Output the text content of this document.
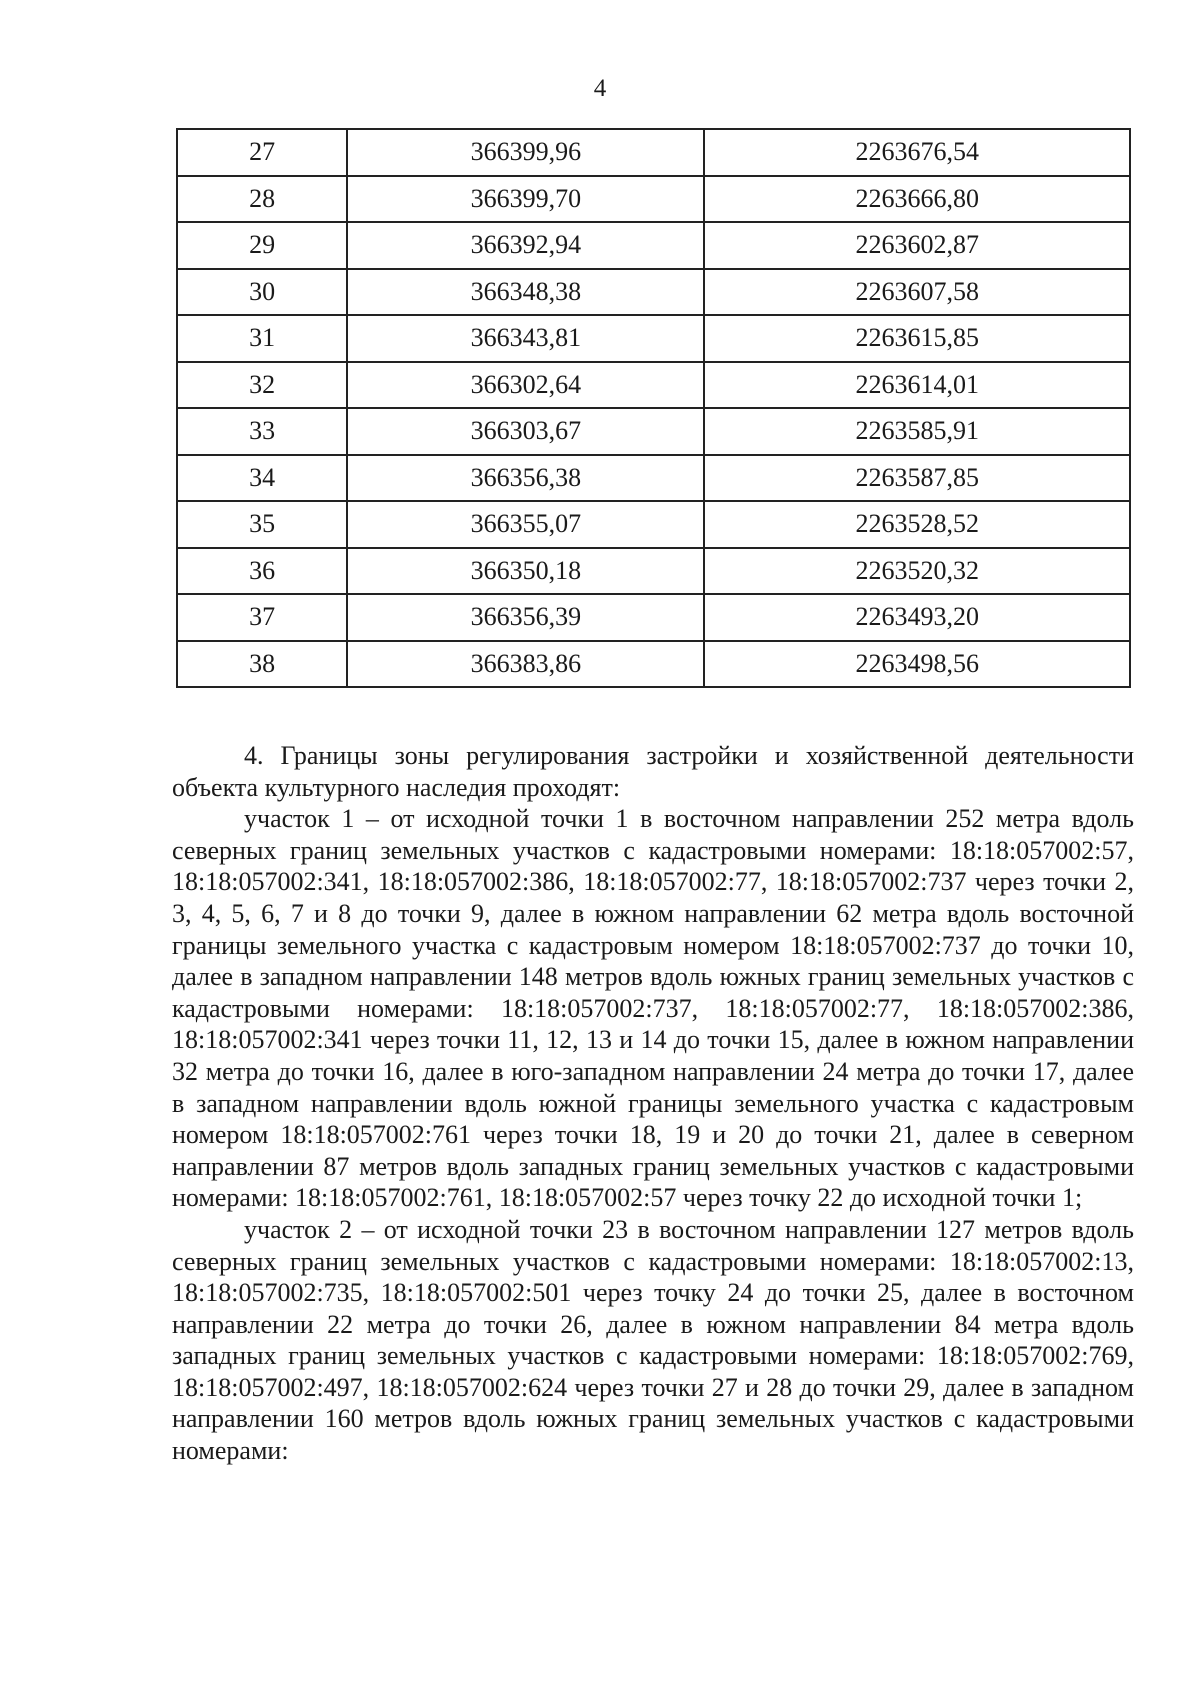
4
27	366399,96	2263676,54
28	366399,70	2263666,80
29	366392,94	2263602,87
30	366348,38	2263607,58
31	366343,81	2263615,85
32	366302,64	2263614,01
33	366303,67	2263585,91
34	366356,38	2263587,85
35	366355,07	2263528,52
36	366350,18	2263520,32
37	366356,39	2263493,20
38	366383,86	2263498,56

4. Границы зоны регулирования застройки и хозяйственной деятельности объекта культурного наследия проходят:

участок 1 – от исходной точки 1 в восточном направлении 252 метра вдоль северных границ земельных участков с кадастровыми номерами: 18:18:057002:57, 18:18:057002:341, 18:18:057002:386, 18:18:057002:77, 18:18:057002:737 через точки 2, 3, 4, 5, 6, 7 и 8 до точки 9, далее в южном направлении 62 метра вдоль восточной границы земельного участка с кадастровым номером 18:18:057002:737 до точки 10, далее в западном направлении 148 метров вдоль южных границ земельных участков с кадастровыми номерами: 18:18:057002:737, 18:18:057002:77, 18:18:057002:386, 18:18:057002:341 через точки 11, 12, 13 и 14 до точки 15, далее в южном направлении 32 метра до точки 16, далее в юго-западном направлении 24 метра до точки 17, далее в западном направлении вдоль южной границы земельного участка с кадастровым номером 18:18:057002:761 через точки 18, 19 и 20 до точки 21, далее в северном направлении 87 метров вдоль западных границ земельных участков с кадастровыми номерами: 18:18:057002:761, 18:18:057002:57 через точку 22 до исходной точки 1;

участок 2 – от исходной точки 23 в восточном направлении 127 метров вдоль северных границ земельных участков с кадастровыми номерами: 18:18:057002:13, 18:18:057002:735, 18:18:057002:501 через точку 24 до точки 25, далее в восточном направлении 22 метра до точки 26, далее в южном направлении 84 метра вдоль западных границ земельных участков с кадастровыми номерами: 18:18:057002:769, 18:18:057002:497, 18:18:057002:624 через точки 27 и 28 до точки 29, далее в западном направлении 160 метров вдоль южных границ земельных участков с кадастровыми номерами:
